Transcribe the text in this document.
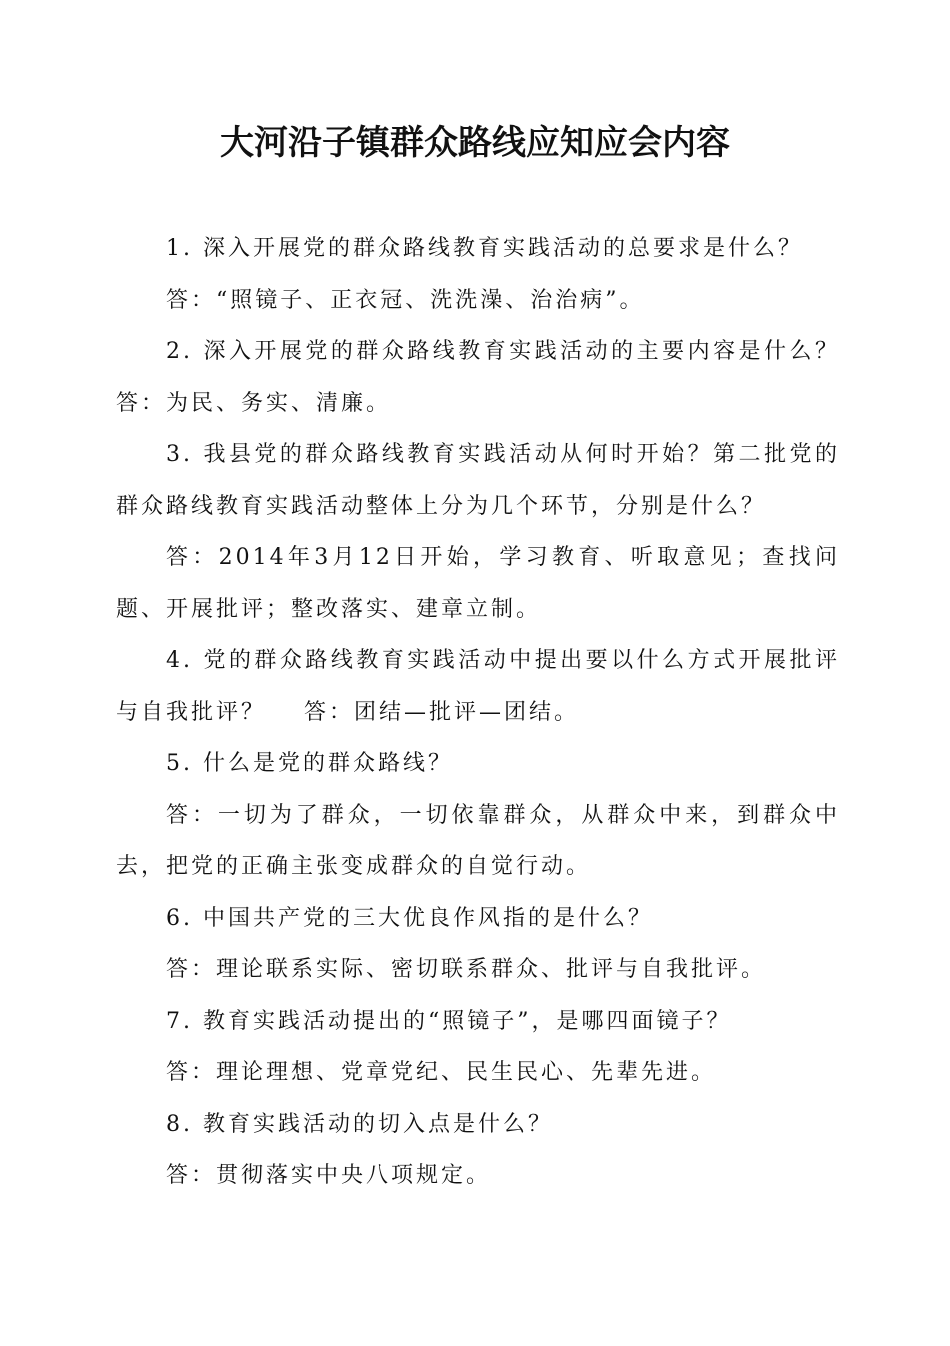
大河沿子镇群众路线应知应会内容

1. 深入开展党的群众路线教育实践活动的总要求是什么？

答：“照镜子、正衣冠、洗洗澡、治治病”。

2. 深入开展党的群众路线教育实践活动的主要内容是什么？答：为民、务实、清廉。

3. 我县党的群众路线教育实践活动从何时开始？第二批党的群众路线教育实践活动整体上分为几个环节，分别是什么？

答：2014年3月12日开始，学习教育、听取意见；查找问题、开展批评；整改落实、建章立制。

4. 党的群众路线教育实践活动中提出要以什么方式开展批评与自我批评？ 答：团结—批评—团结。

5. 什么是党的群众路线？

答：一切为了群众，一切依靠群众，从群众中来，到群众中去，把党的正确主张变成群众的自觉行动。

6. 中国共产党的三大优良作风指的是什么？

答：理论联系实际、密切联系群众、批评与自我批评。

7. 教育实践活动提出的“照镜子”，是哪四面镜子？

答：理论理想、党章党纪、民生民心、先辈先进。

8. 教育实践活动的切入点是什么？

答：贯彻落实中央八项规定。
